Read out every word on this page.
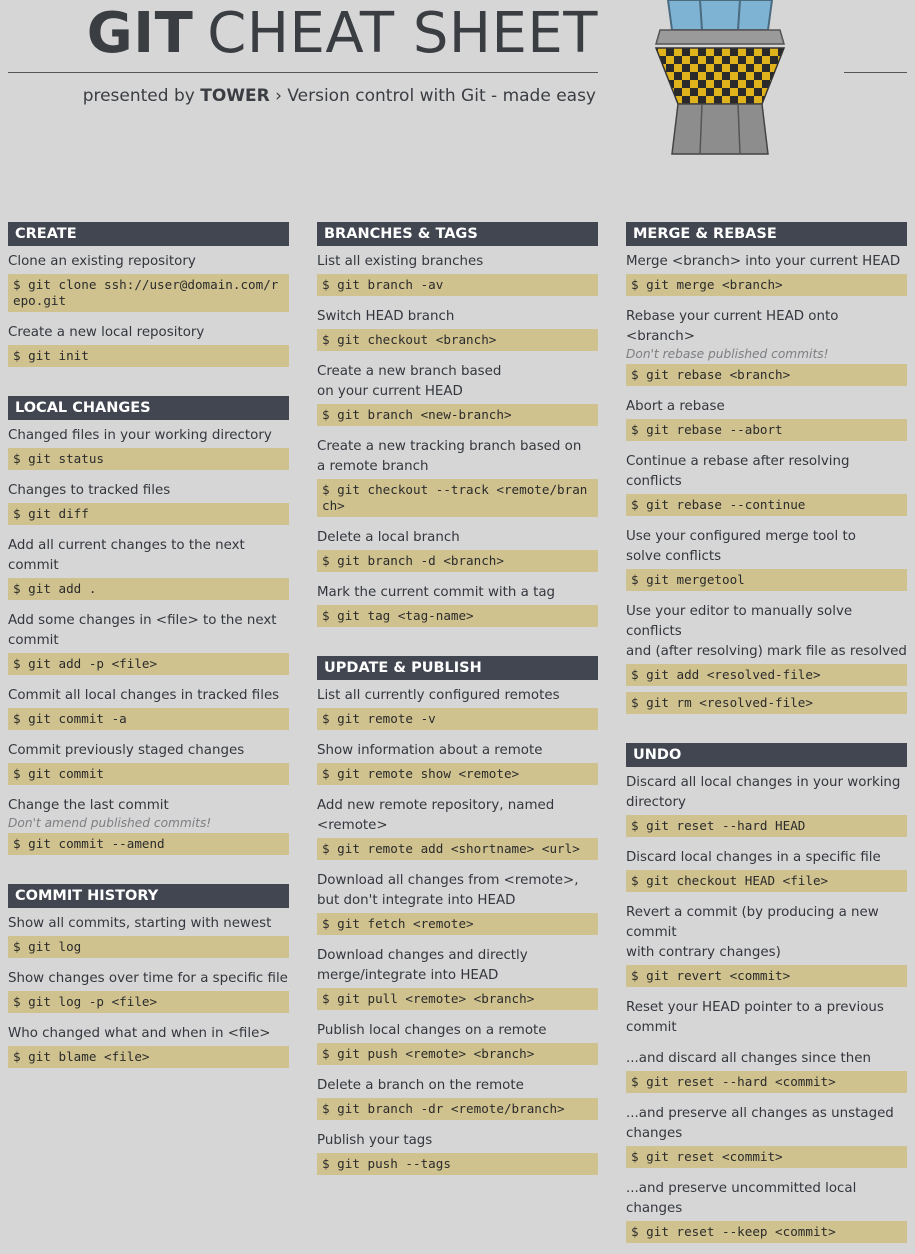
GIT CHEAT SHEET
presented by TOWER › Version control with Git - made easy
CREATE
Clone an existing repository
$ git clone ssh://user@domain.com/repo.git
Create a new local repository
$ git init
LOCAL CHANGES
Changed files in your working directory
$ git status
Changes to tracked files
$ git diff
Add all current changes to the next commit
$ git add .
Add some changes in <file> to the next commit
$ git add -p <file>
Commit all local changes in tracked files
$ git commit -a
Commit previously staged changes
$ git commit
Change the last commit
Don't amend published commits!
$ git commit --amend
COMMIT HISTORY
Show all commits, starting with newest
$ git log
Show changes over time for a specific file
$ git log -p <file>
Who changed what and when in <file>
$ git blame <file>
BRANCHES & TAGS
List all existing branches
$ git branch -av
Switch HEAD branch
$ git checkout <branch>
Create a new branch based
on your current HEAD
$ git branch <new-branch>
Create a new tracking branch based on
a remote branch
$ git checkout --track <remote/branch>
Delete a local branch
$ git branch -d <branch>
Mark the current commit with a tag
$ git tag <tag-name>
UPDATE & PUBLISH
List all currently configured remotes
$ git remote -v
Show information about a remote
$ git remote show <remote>
Add new remote repository, named <remote>
$ git remote add <shortname> <url>
Download all changes from <remote>,
but don't integrate into HEAD
$ git fetch <remote>
Download changes and directly
merge/integrate into HEAD
$ git pull <remote> <branch>
Publish local changes on a remote
$ git push <remote> <branch>
Delete a branch on the remote
$ git branch -dr <remote/branch>
Publish your tags
$ git push --tags
MERGE & REBASE
Merge <branch> into your current HEAD
$ git merge <branch>
Rebase your current HEAD onto <branch>
Don't rebase published commits!
$ git rebase <branch>
Abort a rebase
$ git rebase --abort
Continue a rebase after resolving conflicts
$ git rebase --continue
Use your configured merge tool to
solve conflicts
$ git mergetool
Use your editor to manually solve conflicts
and (after resolving) mark file as resolved
$ git add <resolved-file>
$ git rm <resolved-file>
UNDO
Discard all local changes in your working
directory
$ git reset --hard HEAD
Discard local changes in a specific file
$ git checkout HEAD <file>
Revert a commit (by producing a new commit
with contrary changes)
$ git revert <commit>
Reset your HEAD pointer to a previous commit
...and discard all changes since then
$ git reset --hard <commit>
...and preserve all changes as unstaged
changes
$ git reset <commit>
...and preserve uncommitted local changes
$ git reset --keep <commit>
